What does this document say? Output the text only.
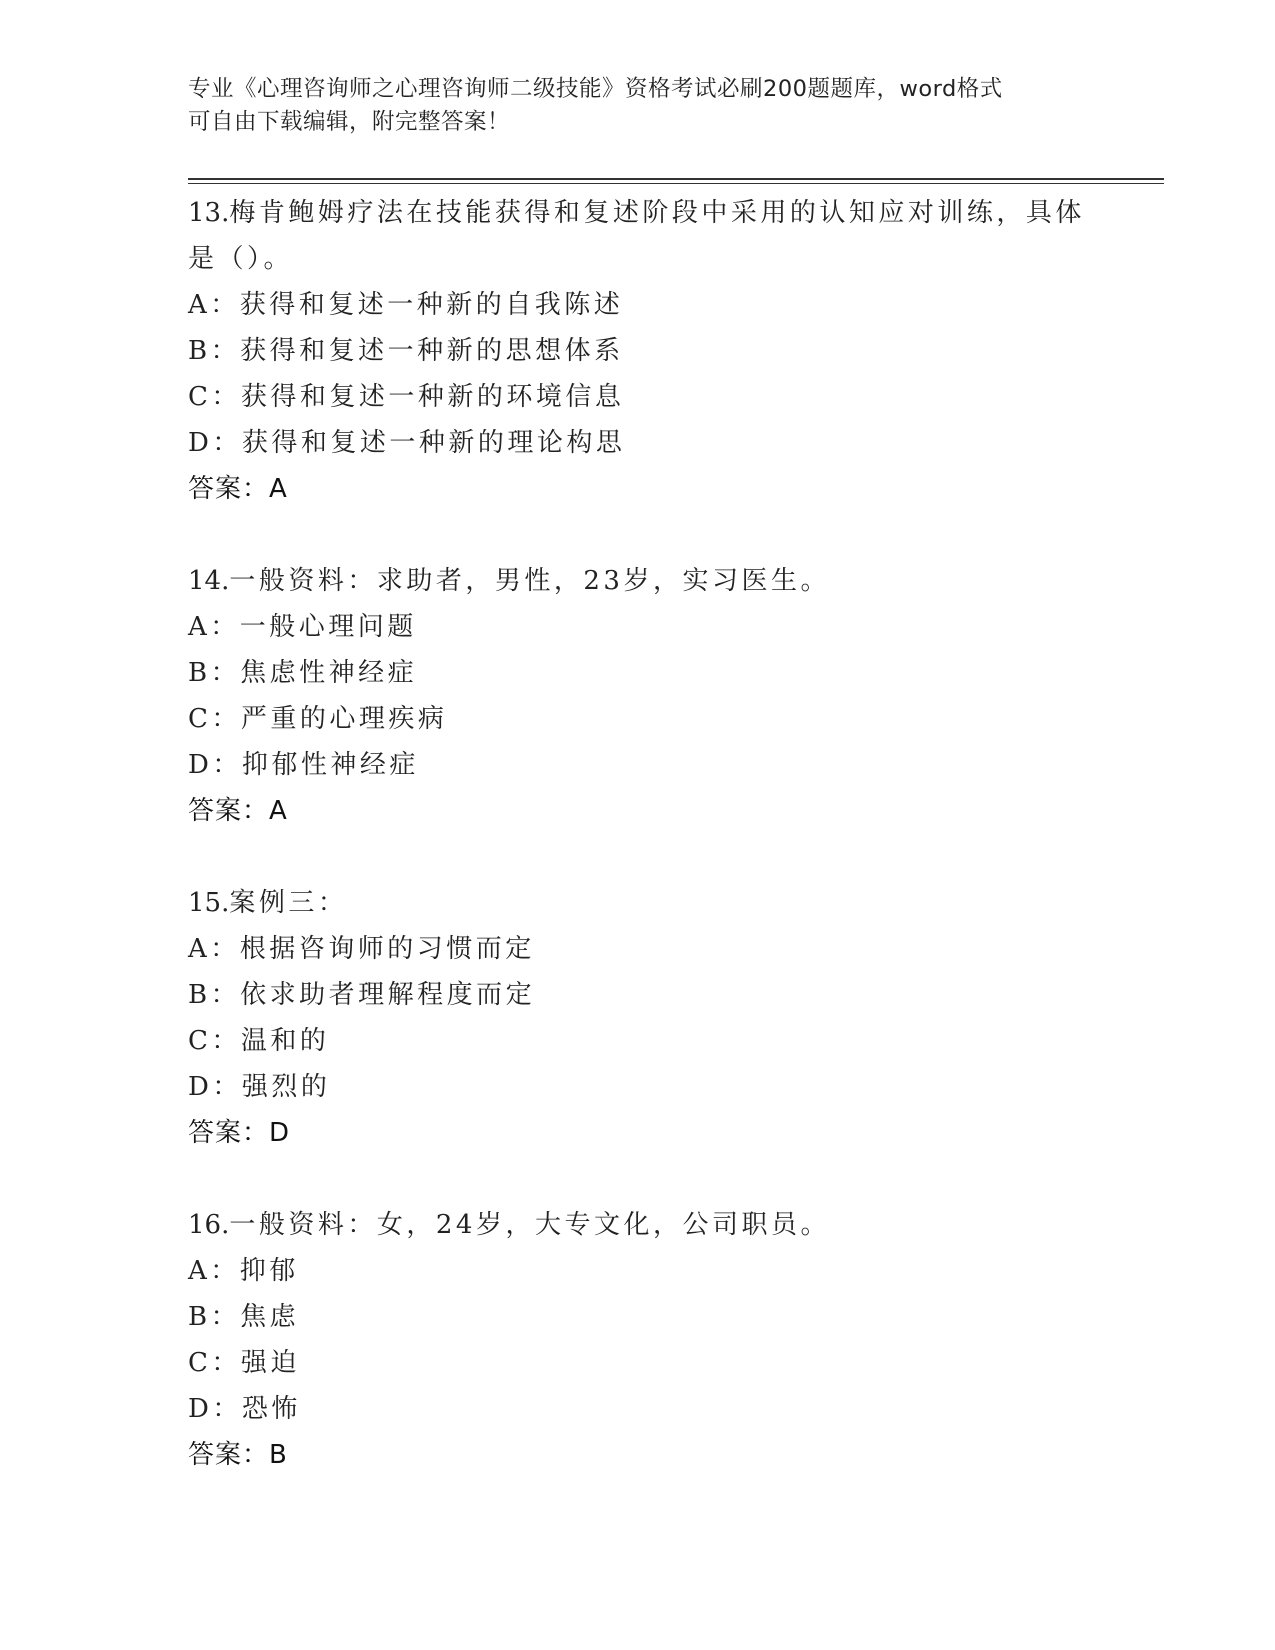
专业《心理咨询师之心理咨询师二级技能》资格考试必刷200题题库，word格式
可自由下载编辑，附完整答案！
13.梅肯鲍姆疗法在技能获得和复述阶段中采用的认知应对训练，具体
是（）。
A：获得和复述一种新的自我陈述
B：获得和复述一种新的思想体系
C：获得和复述一种新的环境信息
D：获得和复述一种新的理论构思
答案：A
14.一般资料：求助者，男性，23岁，实习医生。
A：一般心理问题
B：焦虑性神经症
C：严重的心理疾病
D：抑郁性神经症
答案：A
15.案例三：
A：根据咨询师的习惯而定
B：依求助者理解程度而定
C：温和的
D：强烈的
答案：D
16.一般资料：女，24岁，大专文化，公司职员。
A：抑郁
B：焦虑
C：强迫
D：恐怖
答案：B
